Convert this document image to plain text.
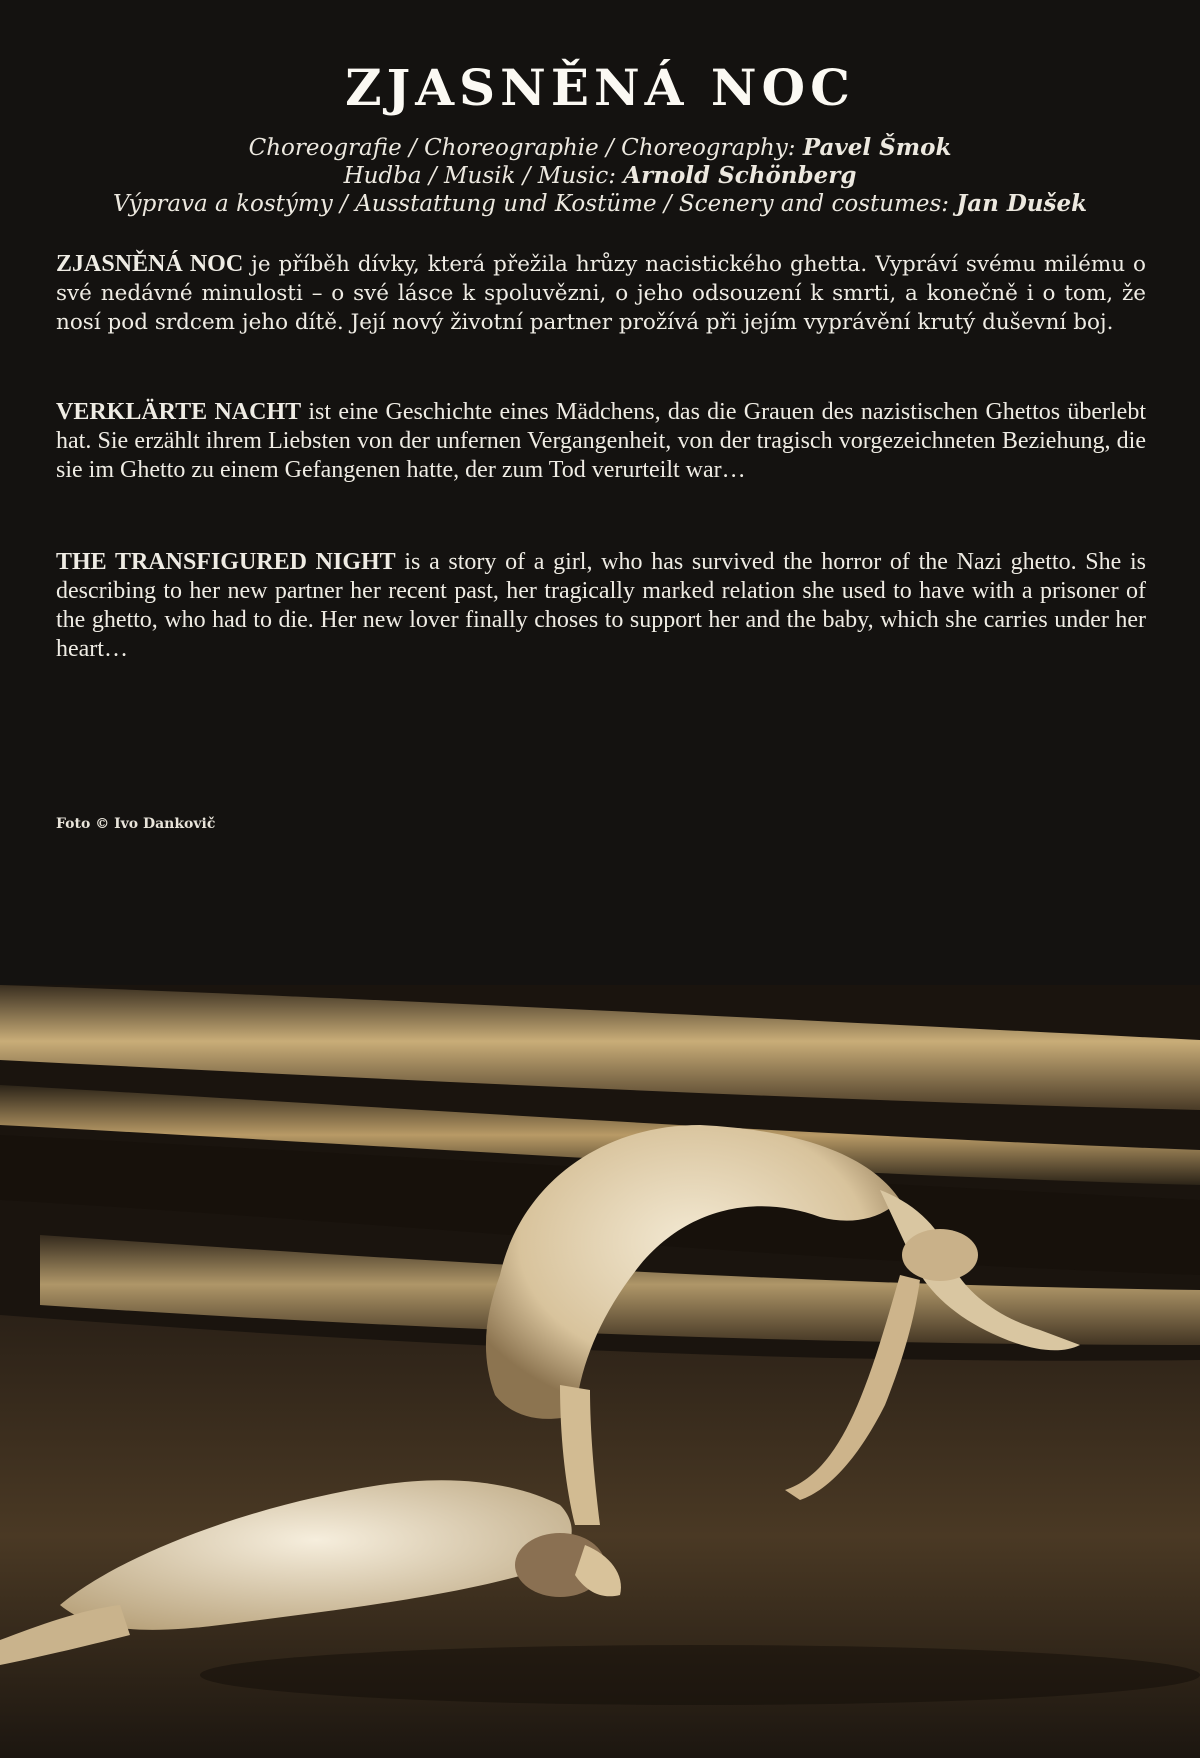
ZJASNĚNÁ NOC
Choreografie / Choreographie / Choreography: Pavel Šmok
Hudba / Musik / Music: Arnold Schönberg
Výprava a kostýmy / Ausstattung und Kostüme / Scenery and costumes: Jan Dušek

ZJASNĚNÁ NOC je příběh dívky, která přežila hrůzy nacistického ghetta. Vypráví svému milému o své nedávné minulosti – o své lásce k spoluvězni, o jeho odsouzení k smrti, a konečně i o tom, že nosí pod srdcem jeho dítě. Její nový životní partner prožívá při jejím vyprávění krutý duševní boj.

VERKLÄRTE NACHT ist eine Geschichte eines Mädchens, das die Grauen des nazistischen Ghettos überlebt hat. Sie erzählt ihrem Liebsten von der unfernen Vergangenheit, von der tragisch vorgezeichneten Beziehung, die sie im Ghetto zu einem Gefangenen hatte, der zum Tod verurteilt war…

THE TRANSFIGURED NIGHT is a story of a girl, who has survived the horror of the Nazi ghetto. She is describing to her new partner her recent past, her tragically marked relation she used to have with a prisoner of the ghetto, who had to die. Her new lover finally choses to support her and the baby, which she carries under her heart…

Foto © Ivo Dankovič
